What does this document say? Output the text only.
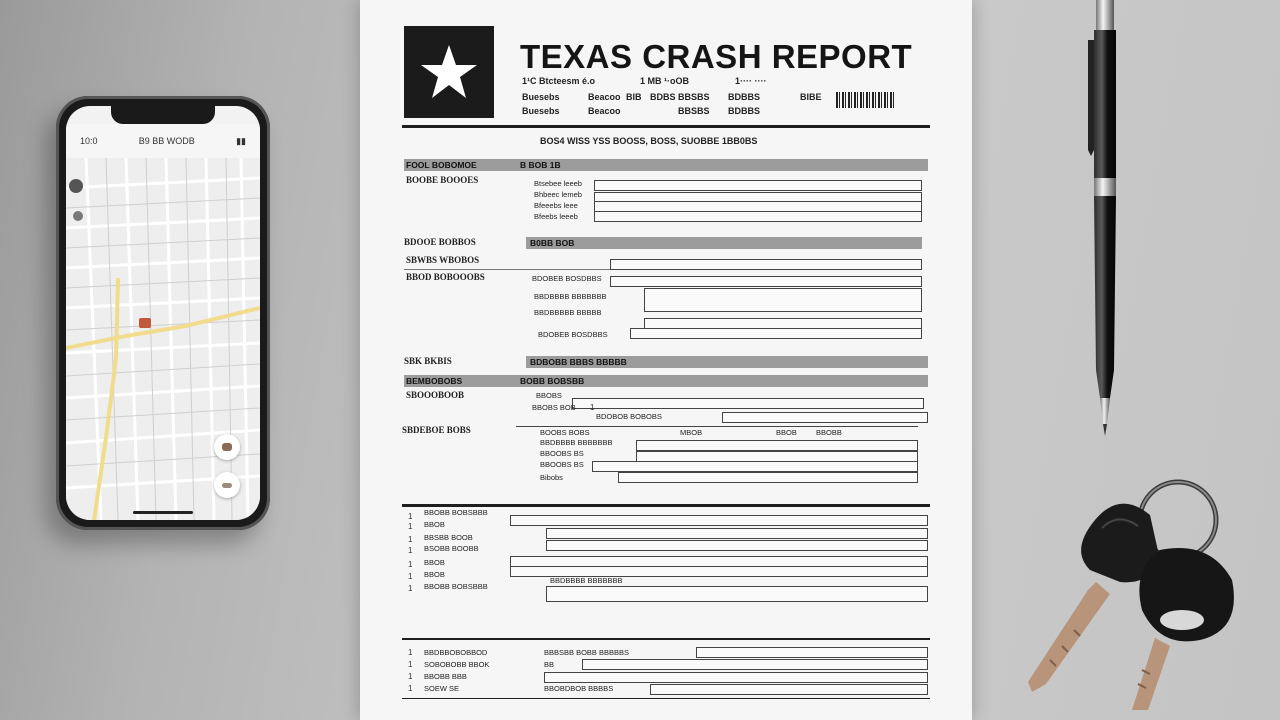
10:0	B9 BB WODB	▮▮
TEXAS CRASH REPORT
1¹C Btcteesm é.o	1 MB ¹·oOB	1···· ····
Buesebs	Beacoo BIB BDBS BBSBS BDBBS	BIBE
Buesebs	Beacoo	BBSBS BDBBS
BOS4 WISS YSS BOOSS, BOSS, SUOBBE 1BB0BS
FOOL BOBOMOE	B BOB 1B
BOOBE BOOOES	Btsebee leeeb
Bhbeec lemeb
Bfeeebs leee
Bfeebs leeeb
BDOOE BOBBOS	B0BB BOB
SBWBS WBOBOS
BBOD BOBOOOBS	BDOBEB BOSDBBS
BBDBBBB BBBBBBB
BBDBBBBB BBBBB
BDOBEB BOSDBBS
SBK BKBIS	BDBOBB BBBS BBBBB
BEMBOBOBS	BOBB BOBSBB
SBOOOBOOB	BBOBS
BBOBS BOB 1
BDOBOB BOBOBS
SBDEBOE BOBS	BOOBS BOBS	MBOB	BBOB	BBOBB
BBDBBBB BBBBBBB
BBOOBS BS
BBOOBS BS
Bibobs
1 BBOBB BOBSBBB
1 BBOB
1 BBSBB BOOB
1 BSOBB BOOBB
1 BBOB
1 BBOB
BBDBBBB BBBBBBB
1 BBOBB BOBSBBB
1 BBDBBOBOBBOD	BBBSBB BOBB BBBBBS
1 SOBOBOBB BBOK	BB
1 BBOBB BBB
1 SOEW SE	BBOBDBOB BBBBS
